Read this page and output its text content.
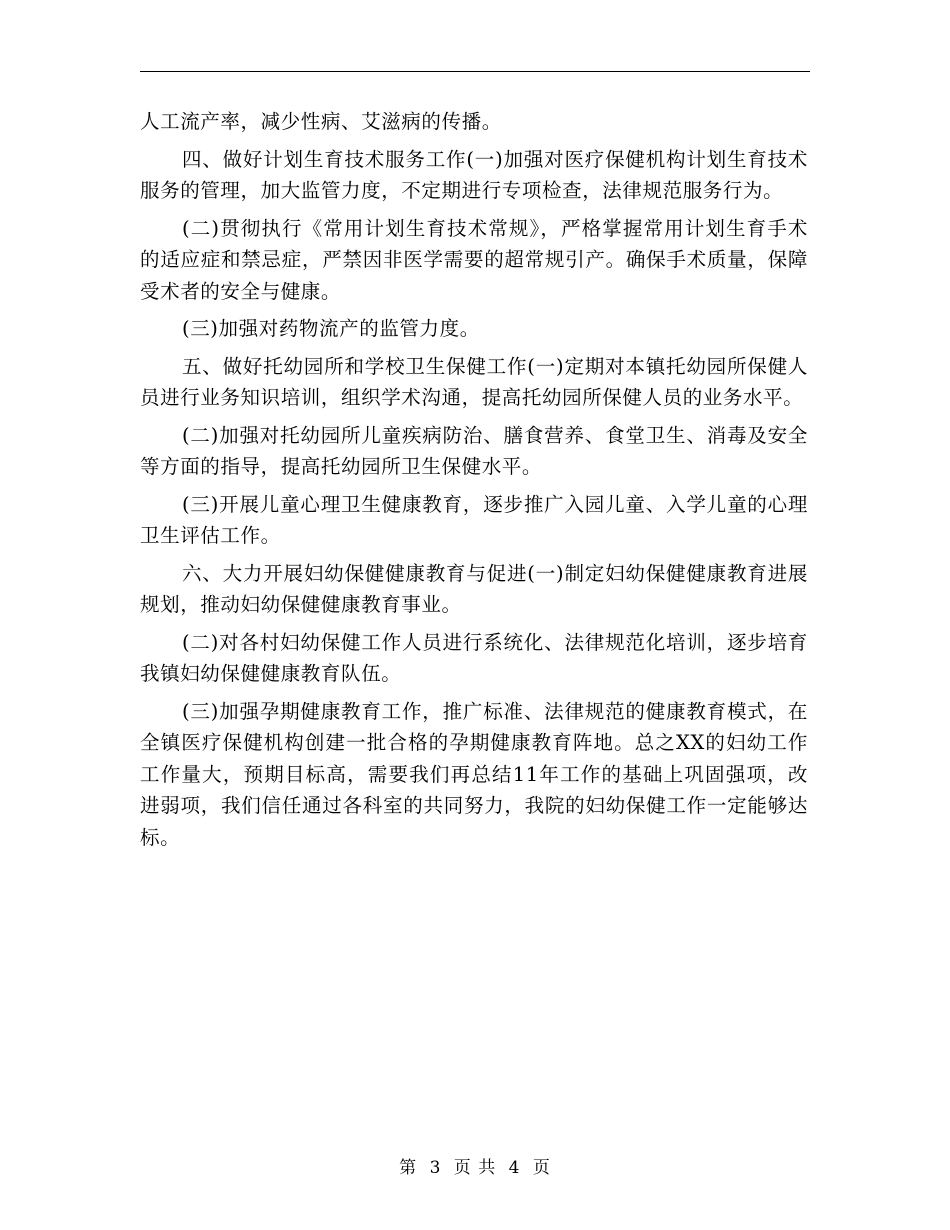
人工流产率，减少性病、艾滋病的传播。

四、做好计划生育技术服务工作(一)加强对医疗保健机构计划生育技术服务的管理，加大监管力度，不定期进行专项检查，法律规范服务行为。

(二)贯彻执行《常用计划生育技术常规》，严格掌握常用计划生育手术的适应症和禁忌症，严禁因非医学需要的超常规引产。确保手术质量，保障受术者的安全与健康。

(三)加强对药物流产的监管力度。

五、做好托幼园所和学校卫生保健工作(一)定期对本镇托幼园所保健人员进行业务知识培训，组织学术沟通，提高托幼园所保健人员的业务水平。

(二)加强对托幼园所儿童疾病防治、膳食营养、食堂卫生、消毒及安全等方面的指导，提高托幼园所卫生保健水平。

(三)开展儿童心理卫生健康教育，逐步推广入园儿童、入学儿童的心理卫生评估工作。

六、大力开展妇幼保健健康教育与促进(一)制定妇幼保健健康教育进展规划，推动妇幼保健健康教育事业。

(二)对各村妇幼保健工作人员进行系统化、法律规范化培训，逐步培育我镇妇幼保健健康教育队伍。

(三)加强孕期健康教育工作，推广标准、法律规范的健康教育模式，在全镇医疗保健机构创建一批合格的孕期健康教育阵地。总之XX的妇幼工作工作量大，预期目标高，需要我们再总结11年工作的基础上巩固强项，改进弱项，我们信任通过各科室的共同努力，我院的妇幼保健工作一定能够达标。

第 3 页 共 4 页
